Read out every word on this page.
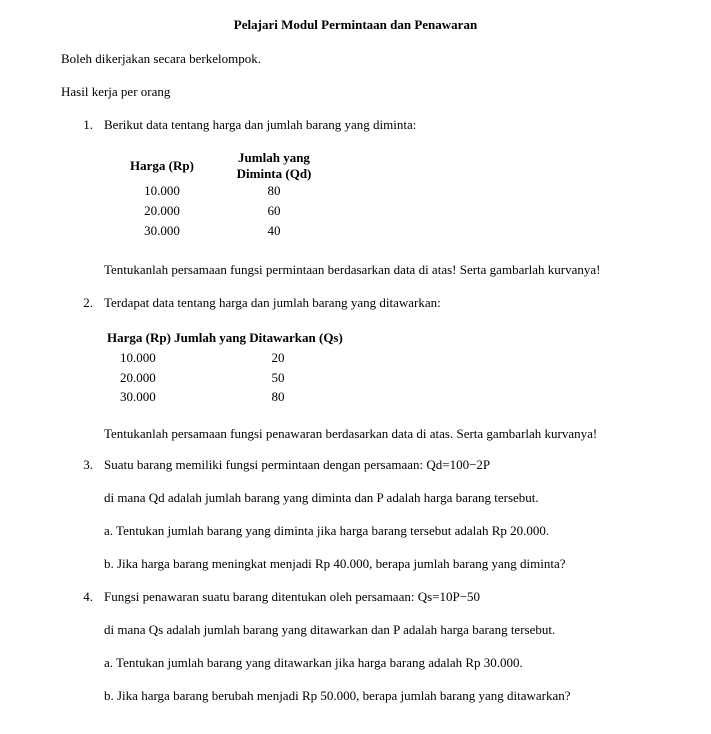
Pelajari Modul Permintaan dan Penawaran
Boleh dikerjakan secara berkelompok.
Hasil kerja per orang
1. Berikut data tentang harga dan jumlah barang yang diminta:
Harga (Rp)	Jumlah yang
Diminta (Qd)

10.000	80
20.000	60
30.000	40
Tentukanlah persamaan fungsi permintaan berdasarkan data di atas! Serta gambarlah kurvanya!
2. Terdapat data tentang harga dan jumlah barang yang ditawarkan:
Harga (Rp) Jumlah yang Ditawarkan (Qs)
10.000	20
20.000	50
30.000	80
Tentukanlah persamaan fungsi penawaran berdasarkan data di atas. Serta gambarlah kurvanya!
3. Suatu barang memiliki fungsi permintaan dengan persamaan: Qd=100−2P
di mana Qd adalah jumlah barang yang diminta dan P adalah harga barang tersebut.
a. Tentukan jumlah barang yang diminta jika harga barang tersebut adalah Rp 20.000.
b. Jika harga barang meningkat menjadi Rp 40.000, berapa jumlah barang yang diminta?
4. Fungsi penawaran suatu barang ditentukan oleh persamaan: Qs=10P−50
di mana Qs adalah jumlah barang yang ditawarkan dan P adalah harga barang tersebut.
a. Tentukan jumlah barang yang ditawarkan jika harga barang adalah Rp 30.000.
b. Jika harga barang berubah menjadi Rp 50.000, berapa jumlah barang yang ditawarkan?
